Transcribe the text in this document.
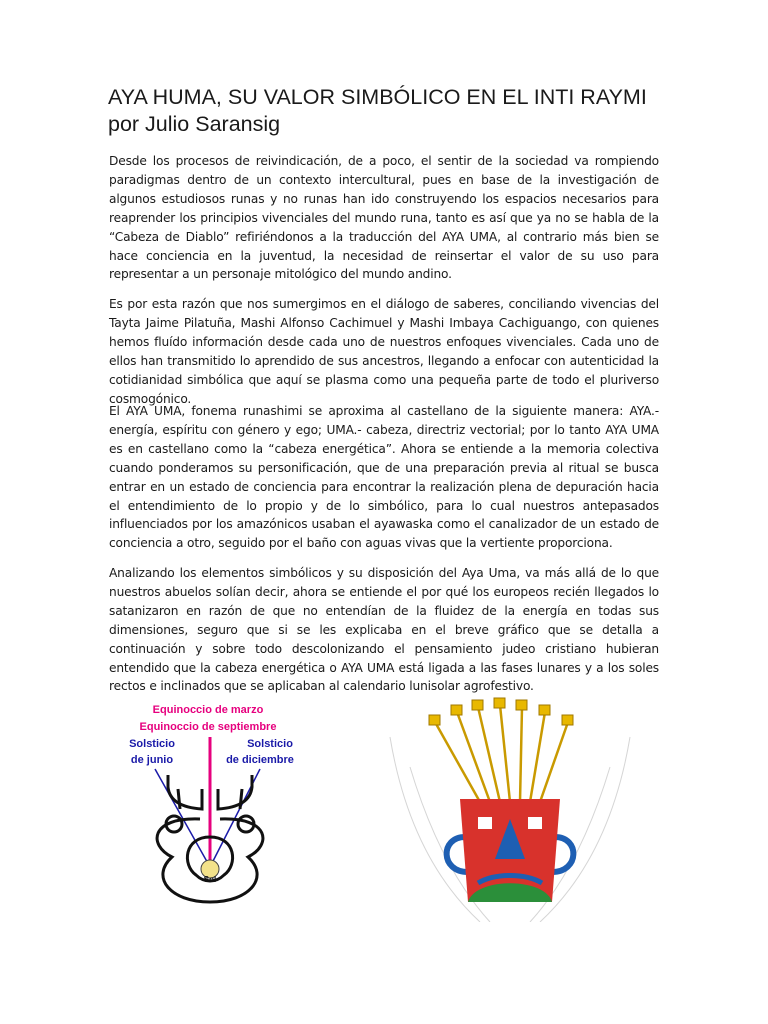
AYA HUMA, SU VALOR SIMBÓLICO EN EL INTI RAYMI por Julio Saransig

Desde los procesos de reivindicación, de a poco, el sentir de la sociedad va rompiendo paradigmas dentro de un contexto intercultural, pues en base de la investigación de algunos estudiosos runas y no runas han ido construyendo los espacios necesarios para reaprender los principios vivenciales del mundo runa, tanto es así que ya no se habla de la “Cabeza de Diablo” refiriéndonos a la traducción del AYA UMA, al contrario más bien se hace conciencia en la juventud, la necesidad de reinsertar el valor de su uso para representar a un personaje mitológico del mundo andino.

Es por esta razón que nos sumergimos en el diálogo de saberes, conciliando vivencias del Tayta Jaime Pilatuña, Mashi Alfonso Cachimuel y Mashi Imbaya Cachiguango, con quienes hemos fluído información desde cada uno de nuestros enfoques vivenciales. Cada uno de ellos han transmitido lo aprendido de sus ancestros, llegando a enfocar con autenticidad la cotidianidad simbólica que aquí se plasma como una pequeña parte de todo el pluriverso cosmogónico.

El AYA UMA, fonema runashimi se aproxima al castellano de la siguiente manera: AYA.- energía, espíritu con género y ego; UMA.- cabeza, directriz vectorial; por lo tanto AYA UMA es en castellano como la “cabeza energética”. Ahora se entiende a la memoria colectiva cuando ponderamos su personificación, que de una preparación previa al ritual se busca entrar en un estado de conciencia para encontrar la realización plena de depuración hacia el entendimiento de lo propio y de lo simbólico, para lo cual nuestros antepasados influenciados por los amazónicos usaban el ayawaska como el canalizador de un estado de conciencia a otro, seguido por el baño con aguas vivas que la vertiente proporciona.

Analizando los elementos simbólicos y su disposición del Aya Uma, va más allá de lo que nuestros abuelos solían decir, ahora se entiende el por qué los europeos recién llegados lo satanizaron en razón de que no entendían de la fluidez de la energía en todas sus dimensiones, seguro que si se les explicaba en el breve gráfico que se detalla a continuación y sobre todo descolonizando el pensamiento judeo cristiano hubieran entendido que la cabeza energética o AYA UMA está ligada a las fases lunares y a los soles rectos e inclinados que se aplicaban al calendario lunisolar agrofestivo.

Equinoccio de marzo
Equinoccio de septiembre
Solsticio
de junio
Solsticio
de diciembre
Sol
